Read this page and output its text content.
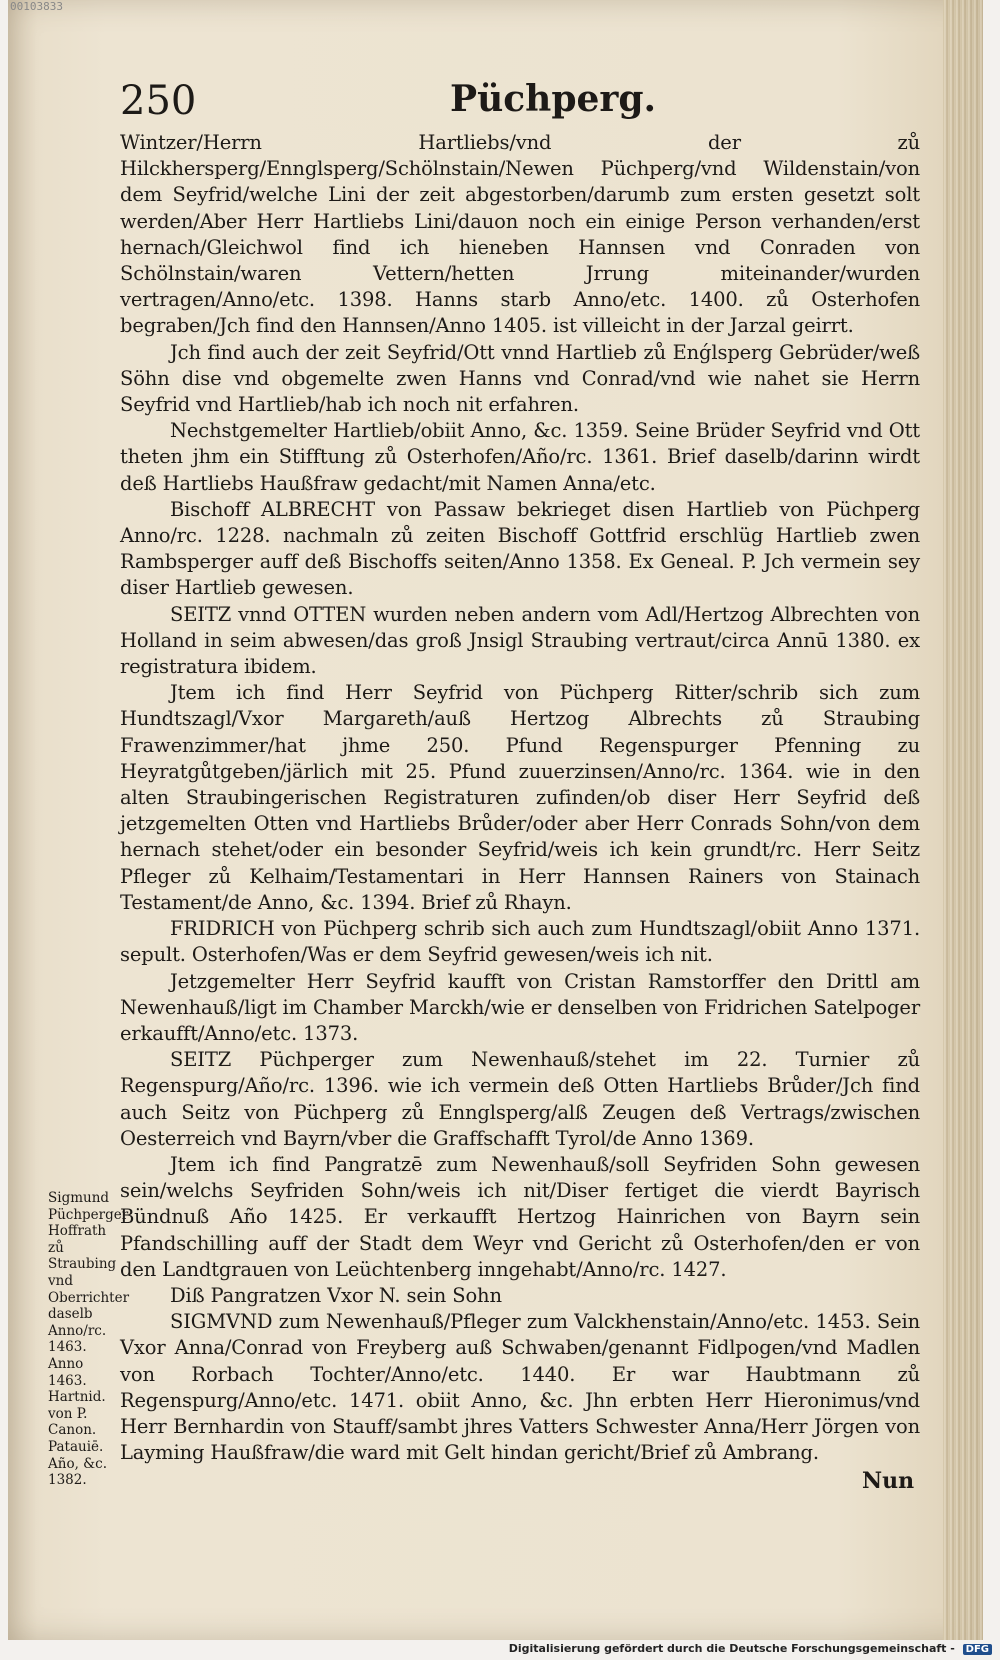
00103833
250	Püchperg.

Wintzer/Herrn Hartliebs/vnd der zů Hilckhersperg/Ennglsperg/Schölnstain/Newen Püchperg/vnd Wildenstain/von dem Seyfrid/welche Lini der zeit abgestorben/darumb zum ersten gesetzt solt werden/Aber Herr Hartliebs Lini/dauon noch ein einige Person verhanden/erst hernach/Gleichwol find ich hieneben Hannsen vnd Conraden von Schölnstain/waren Vettern/hetten Jrrung miteinander/wurden vertragen/Anno/etc. 1398. Hanns starb Anno/etc. 1400. zů Osterhofen begraben/Jch find den Hannsen/Anno 1405. ist villeicht in der Jarzal geirrt.

Jch find auch der zeit Seyfrid/Ott vnnd Hartlieb zů Enǵlsperg Gebrüder/weß Söhn dise vnd obgemelte zwen Hanns vnd Conrad/vnd wie nahet sie Herrn Seyfrid vnd Hartlieb/hab ich noch nit erfahren.

Nechstgemelter Hartlieb/obiit Anno, &c. 1359. Seine Brüder Seyfrid vnd Ott theten jhm ein Stifftung zů Osterhofen/Año/rc. 1361. Brief daselb/darinn wirdt deß Hartliebs Haußfraw gedacht/mit Namen Anna/etc.

Bischoff ALBRECHT von Passaw bekrieget disen Hartlieb von Püchperg Anno/rc. 1228. nachmaln zů zeiten Bischoff Gottfrid erschlüg Hartlieb zwen Rambsperger auff deß Bischoffs seiten/Anno 1358. Ex Geneal. P. Jch vermein sey diser Hartlieb gewesen.

SEITZ vnnd OTTEN wurden neben andern vom Adl/Hertzog Albrechten von Holland in seim abwesen/das groß Jnsigl Straubing vertraut/circa Annū 1380. ex registratura ibidem.

Jtem ich find Herr Seyfrid von Püchperg Ritter/schrib sich zum Hundtszagl/Vxor Margareth/auß Hertzog Albrechts zů Straubing Frawenzimmer/hat jhme 250. Pfund Regenspurger Pfenning zu Heyratgůtgeben/järlich mit 25. Pfund zuuerzinsen/Anno/rc. 1364. wie in den alten Straubingerischen Registraturen zufinden/ob diser Herr Seyfrid deß jetzgemelten Otten vnd Hartliebs Brůder/oder aber Herr Conrads Sohn/von dem hernach stehet/oder ein besonder Seyfrid/weis ich kein grundt/rc. Herr Seitz Pfleger zů Kelhaim/Testamentari in Herr Hannsen Rainers von Stainach Testament/de Anno, &c. 1394. Brief zů Rhayn.

FRIDRICH von Püchperg schrib sich auch zum Hundtszagl/obiit Anno 1371. sepult. Osterhofen/Was er dem Seyfrid gewesen/weis ich nit.

Jetzgemelter Herr Seyfrid kaufft von Cristan Ramstorffer den Drittl am Newenhauß/ligt im Chamber Marckh/wie er denselben von Fridrichen Satelpoger erkaufft/Anno/etc. 1373.

SEITZ Püchperger zum Newenhauß/stehet im 22. Turnier zů Regenspurg/Año/rc. 1396. wie ich vermein deß Otten Hartliebs Brůder/Jch find auch Seitz von Püchperg zů Ennglsperg/alß Zeugen deß Vertrags/zwischen Oesterreich vnd Bayrn/vber die Graffschafft Tyrol/de Anno 1369.

Jtem ich find Pangratzē zum Newenhauß/soll Seyfriden Sohn gewesen sein/welchs Seyfriden Sohn/weis ich nit/Diser fertiget die vierdt Bayrisch Bündnuß Año 1425. Er verkaufft Hertzog Hainrichen von Bayrn sein Pfandschilling auff der Stadt dem Weyr vnd Gericht zů Osterhofen/den er von den Landtgrauen von Leüchtenberg inngehabt/Anno/rc. 1427.

Diß Pangratzen Vxor N. sein Sohn

SIGMVND zum Newenhauß/Pfleger zum Valckhenstain/Anno/etc. 1453. Sein Vxor Anna/Conrad von Freyberg auß Schwaben/genannt Fidlpogen/vnd Madlen von Rorbach Tochter/Anno/etc. 1440. Er war Haubtmann zů Regenspurg/Anno/etc. 1471. obiit Anno, &c. Jhn erbten Herr Hieronimus/vnd Herr Bernhardin von Stauff/sambt jhres Vatters Schwester Anna/Herr Jörgen von Layming Haußfraw/die ward mit Gelt hindan gericht/Brief zů Ambrang.

Sigmund Püchperger Hoffrath zů Straubing vnd Oberrichter daselb Anno/rc. 1463. Anno 1463. Hartnid. von P. Canon. Patauiē. Año, &c. 1382.	Nun
Digitalisierung gefördert durch die Deutsche Forschungsgemeinschaft - DFG
